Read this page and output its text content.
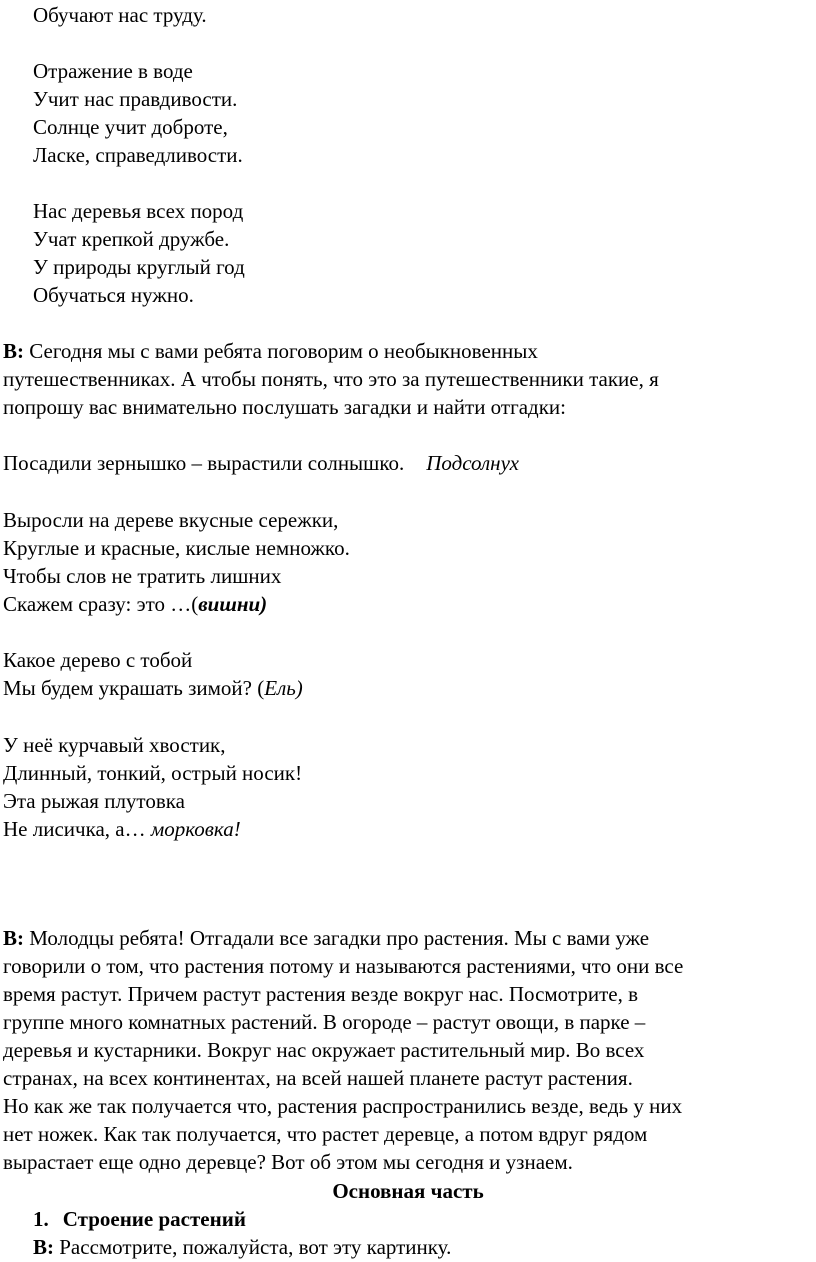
Обучают нас труду.
Отражение в воде
Учит нас правдивости.
Солнце учит доброте,
Ласке, справедливости.
Нас деревья всех пород
Учат крепкой дружбе.
У природы круглый год
Обучаться нужно.
В: Сегодня мы с вами ребята поговорим о необыкновенных
путешественниках. А чтобы понять, что это за путешественники такие, я
попрошу вас внимательно послушать загадки и найти отгадки:
Посадили зернышко – вырастили солнышко. Подсолнух
Выросли на дереве вкусные сережки,
Круглые и красные, кислые немножко.
Чтобы слов не тратить лишних
Скажем сразу: это …(вишни)
Какое дерево с тобой
Мы будем украшать зимой? (Ель)
У неё курчавый хвостик,
Длинный, тонкий, острый носик!
Эта рыжая плутовка
Не лисичка, а… морковка!
В: Молодцы ребята! Отгадали все загадки про растения. Мы с вами уже
говорили о том, что растения потому и называются растениями, что они все
время растут. Причем растут растения везде вокруг нас. Посмотрите, в
группе много комнатных растений. В огороде – растут овощи, в парке –
деревья и кустарники. Вокруг нас окружает растительный мир. Во всех
странах, на всех континентах, на всей нашей планете растут растения.
Но как же так получается что, растения распространились везде, ведь у них
нет ножек. Как так получается, что растет деревце, а потом вдруг рядом
вырастает еще одно деревце? Вот об этом мы сегодня и узнаем.
Основная часть
1. Строение растений
В: Рассмотрите, пожалуйста, вот эту картинку.
